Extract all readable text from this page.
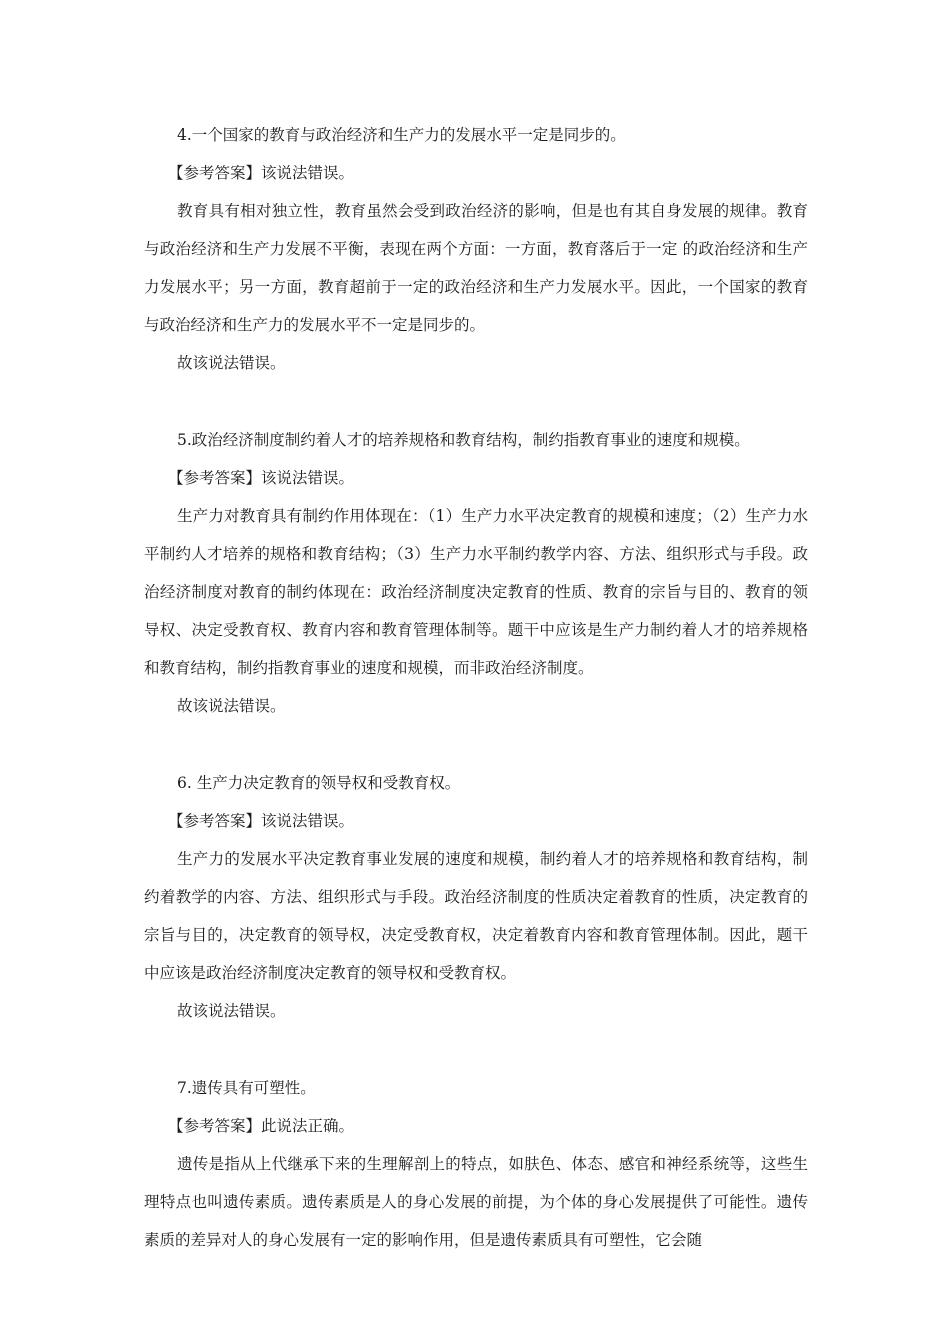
4.一个国家的教育与政治经济和生产力的发展水平一定是同步的。

【参考答案】该说法错误。

教育具有相对独立性，教育虽然会受到政治经济的影响，但是也有其自身发展的规律。教育与政治经济和生产力发展不平衡，表现在两个方面：一方面，教育落后于一定 的政治经济和生产力发展水平；另一方面，教育超前于一定的政治经济和生产力发展水平。因此，一个国家的教育与政治经济和生产力的发展水平不一定是同步的。

故该说法错误。

5.政治经济制度制约着人才的培养规格和教育结构，制约指教育事业的速度和规模。

【参考答案】该说法错误。

生产力对教育具有制约作用体现在：（1）生产力水平决定教育的规模和速度；（2）生产力水平制约人才培养的规格和教育结构；（3）生产力水平制约教学内容、方法、组织形式与手段。政治经济制度对教育的制约体现在：政治经济制度决定教育的性质、教育的宗旨与目的、教育的领导权、决定受教育权、教育内容和教育管理体制等。题干中应该是生产力制约着人才的培养规格和教育结构，制约指教育事业的速度和规模，而非政治经济制度。

故该说法错误。

6. 生产力决定教育的领导权和受教育权。

【参考答案】该说法错误。

生产力的发展水平决定教育事业发展的速度和规模，制约着人才的培养规格和教育结构，制约着教学的内容、方法、组织形式与手段。政治经济制度的性质决定着教育的性质，决定教育的宗旨与目的，决定教育的领导权，决定受教育权，决定着教育内容和教育管理体制。因此，题干中应该是政治经济制度决定教育的领导权和受教育权。

故该说法错误。

7.遗传具有可塑性。

【参考答案】此说法正确。

遗传是指从上代继承下来的生理解剖上的特点，如肤色、体态、感官和神经系统等，这些生理特点也叫遗传素质。遗传素质是人的身心发展的前提，为个体的身心发展提供了可能性。遗传素质的差异对人的身心发展有一定的影响作用，但是遗传素质具有可塑性，它会随
